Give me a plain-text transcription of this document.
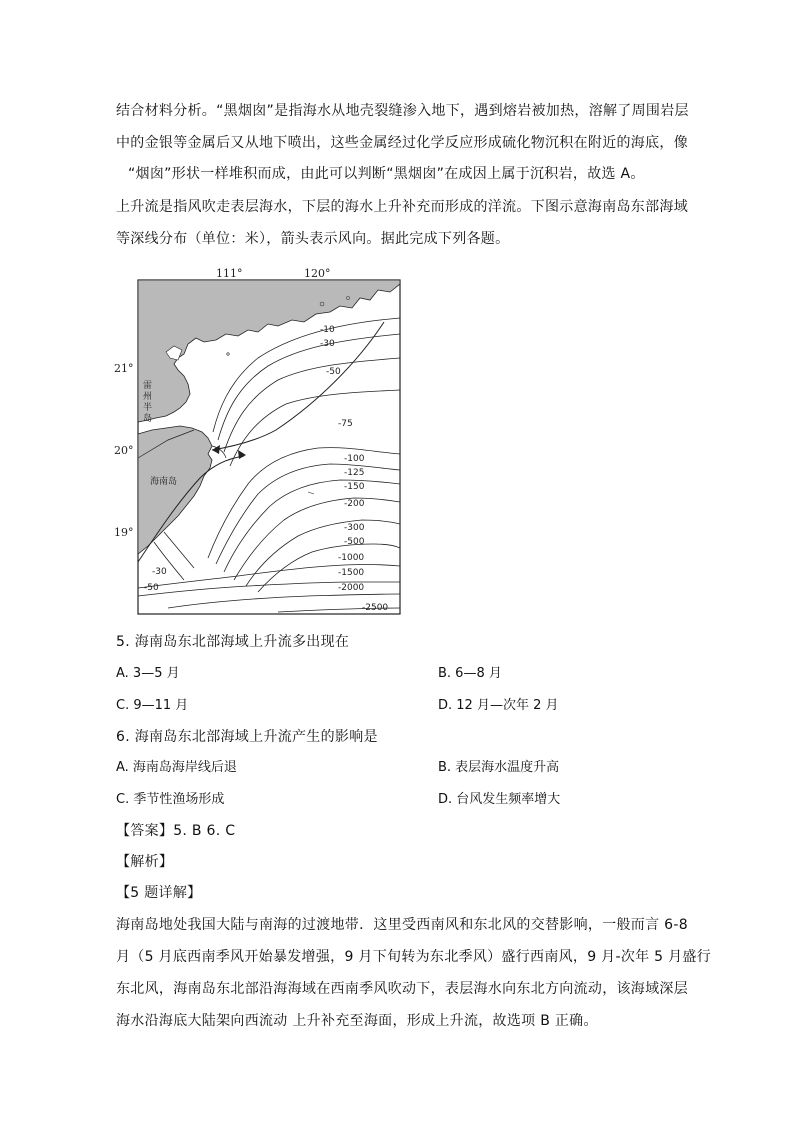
结合材料分析。“黑烟囱”是指海水从地壳裂缝渗入地下，遇到熔岩被加热，溶解了周围岩层
中的金银等金属后又从地下喷出，这些金属经过化学反应形成硫化物沉积在附近的海底，像
“烟囱”形状一样堆积而成，由此可以判断“黑烟囱”在成因上属于沉积岩，故选 A。
上升流是指风吹走表层海水，下层的海水上升补充而形成的洋流。下图示意海南岛东部海域
等深线分布（单位：米），箭头表示风向。据此完成下列各题。
111°	120°
21°
20°
19°
雷州半岛
海南岛
-10
-30
-50
-75
-100
-125
-150
-200
-300
-500
-1000
-1500
-2000
-2500
-30
-50
5. 海南岛东北部海域上升流多出现在
A. 3—5 月	B. 6—8 月
C. 9—11 月	D. 12 月—次年 2 月
6. 海南岛东北部海域上升流产生的影响是
A. 海南岛海岸线后退	B. 表层海水温度升高
C. 季节性渔场形成	D. 台风发生频率增大
【答案】5. B 6. C
【解析】
【5 题详解】
海南岛地处我国大陆与南海的过渡地带．这里受西南风和东北风的交替影响，一般而言 6-8
月（5 月底西南季风开始暴发增强，9 月下旬转为东北季风）盛行西南风，9 月-次年 5 月盛行
东北风，海南岛东北部沿海海域在西南季风吹动下，表层海水向东北方向流动，该海域深层
海水沿海底大陆架向西流动 上升补充至海面，形成上升流，故选项 B 正确。
